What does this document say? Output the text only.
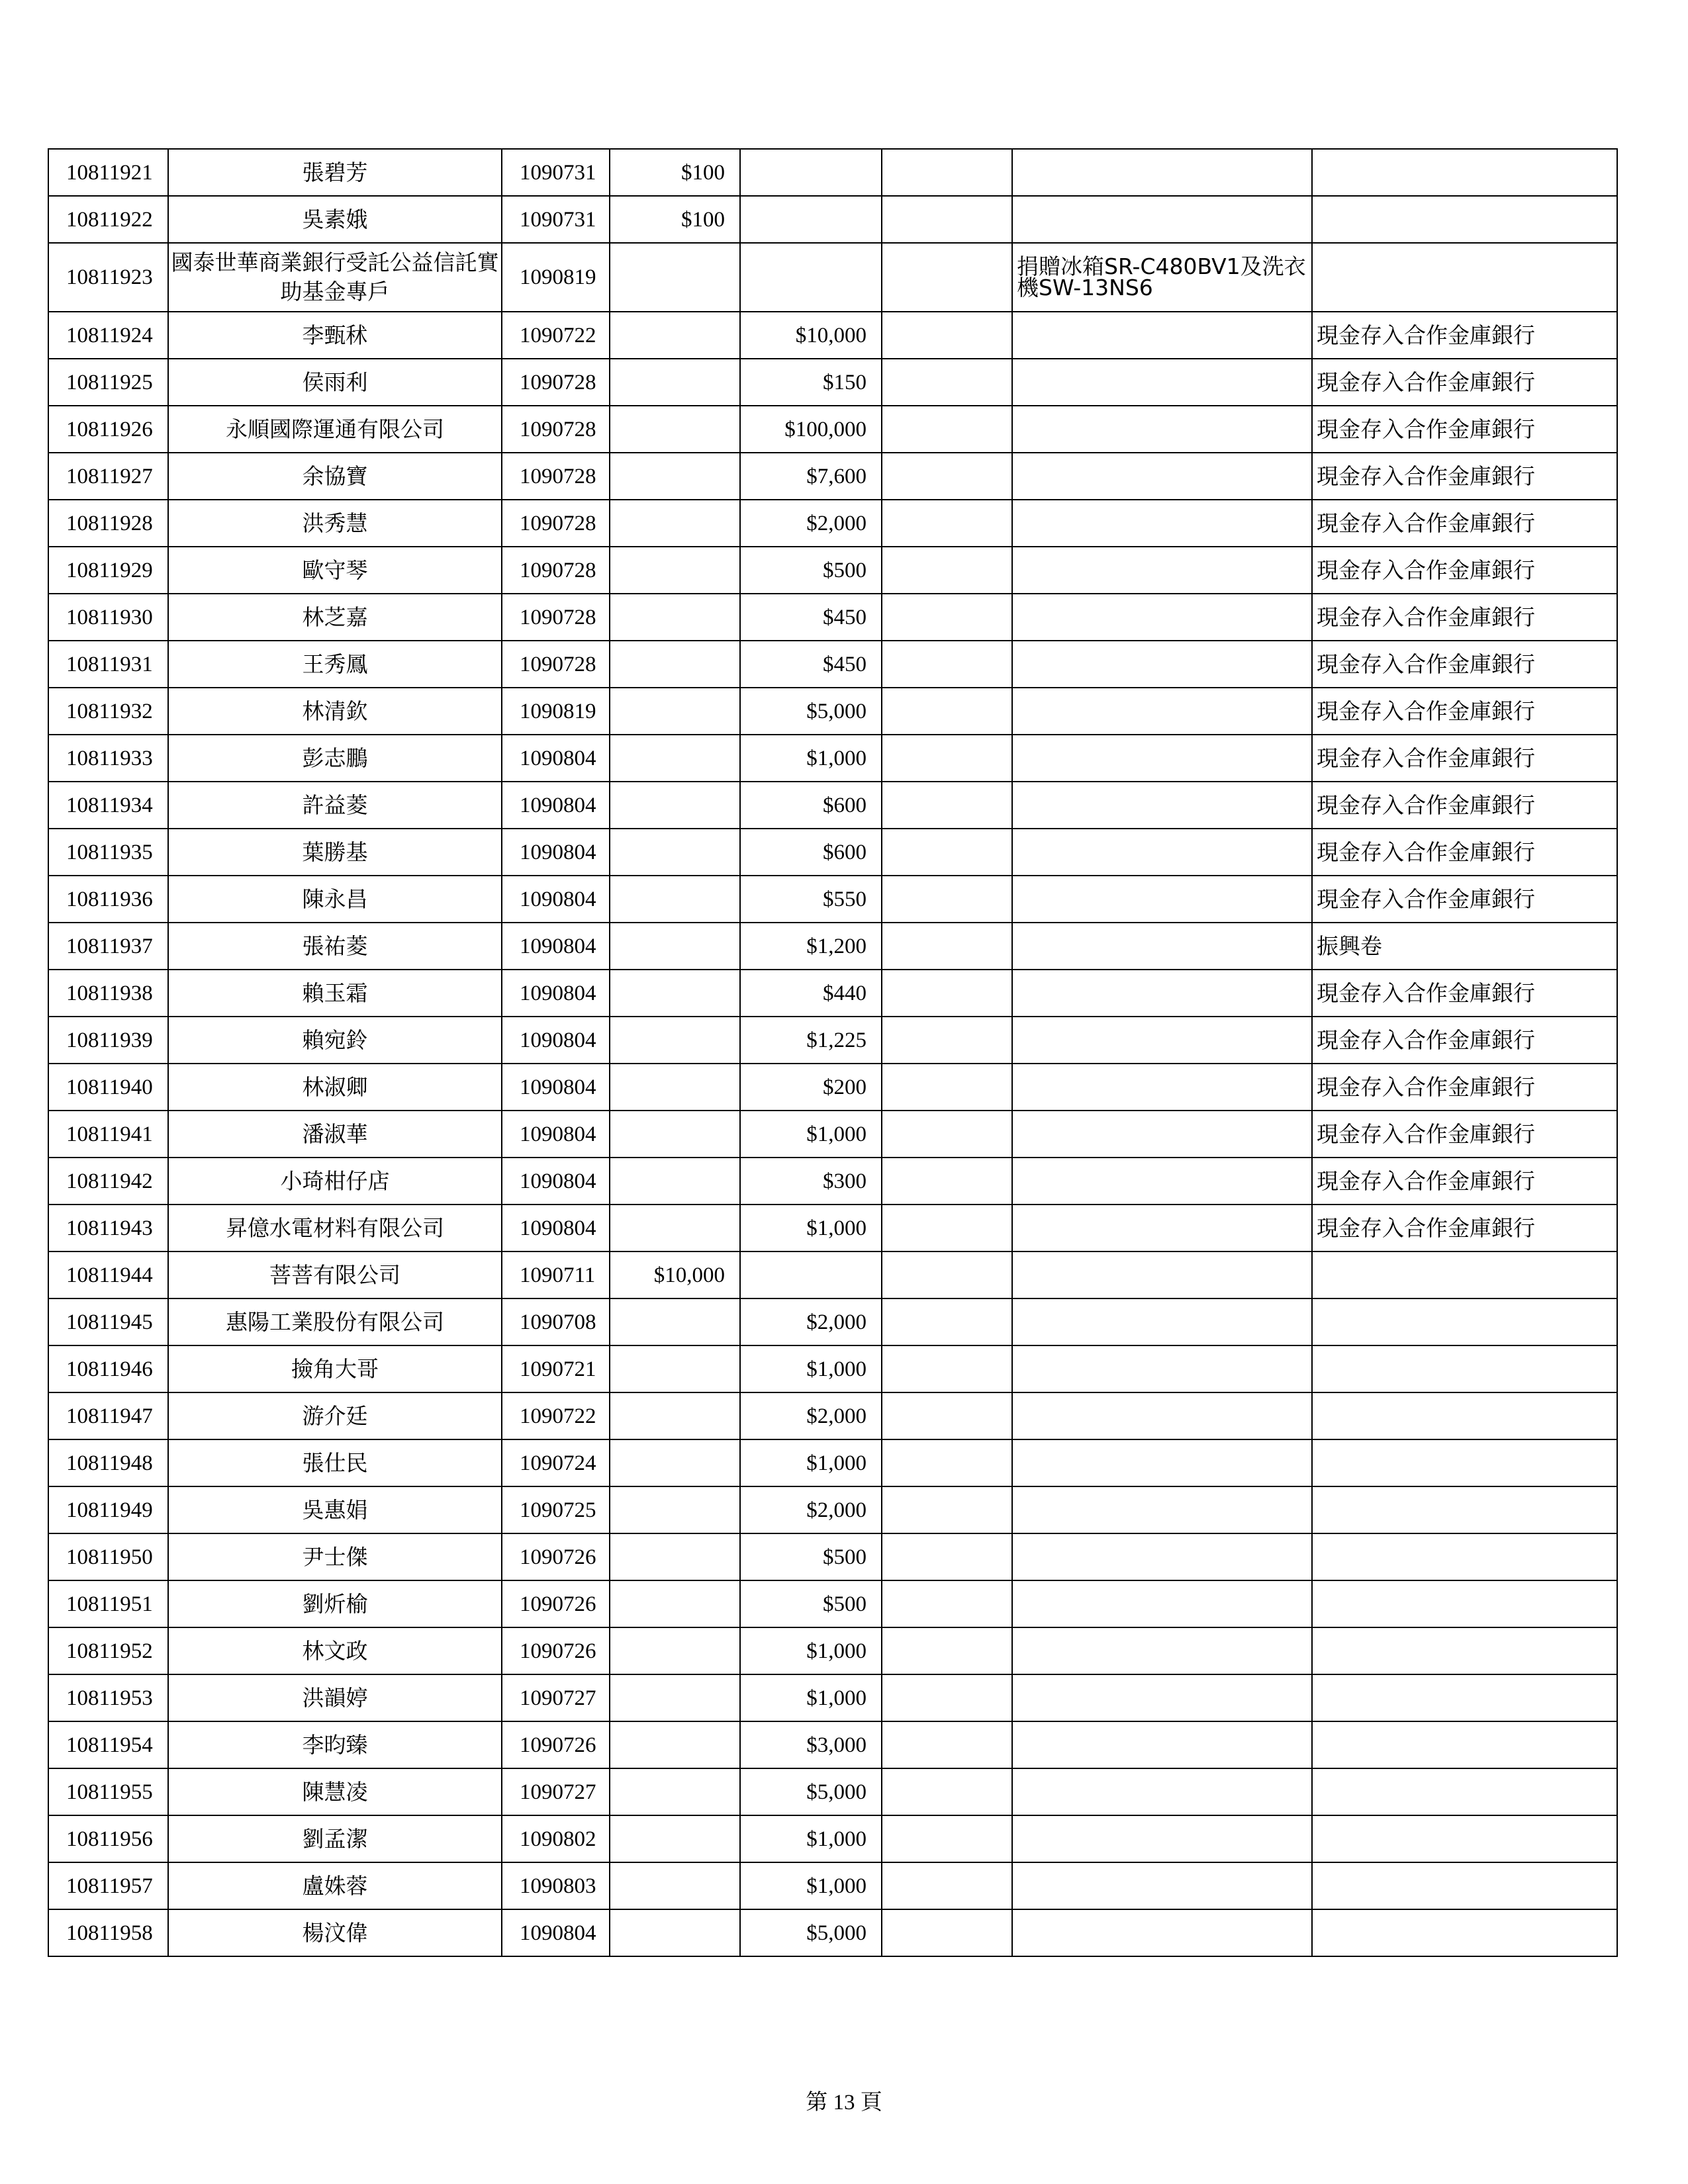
10811921	張碧芳	1090731	$100				
10811922	吳素娥	1090731	$100				
10811923	國泰世華商業銀行受託公益信託實助基金專戶	1090819				捐贈冰箱SR-C480BV1及洗衣機SW-13NS6	

10811924	李甄秫	1090722		$10,000			現金存入合作金庫銀行
10811925	侯雨利	1090728		$150			現金存入合作金庫銀行
10811926	永順國際運通有限公司	1090728		$100,000			現金存入合作金庫銀行
10811927	余協寶	1090728		$7,600			現金存入合作金庫銀行
10811928	洪秀慧	1090728		$2,000			現金存入合作金庫銀行
10811929	歐守琴	1090728		$500			現金存入合作金庫銀行
10811930	林芝嘉	1090728		$450			現金存入合作金庫銀行
10811931	王秀鳳	1090728		$450			現金存入合作金庫銀行
10811932	林清欽	1090819		$5,000			現金存入合作金庫銀行
10811933	彭志鵬	1090804		$1,000			現金存入合作金庫銀行
10811934	許益菱	1090804		$600			現金存入合作金庫銀行
10811935	葉勝基	1090804		$600			現金存入合作金庫銀行
10811936	陳永昌	1090804		$550			現金存入合作金庫銀行
10811937	張祐菱	1090804		$1,200			振興卷
10811938	賴玉霜	1090804		$440			現金存入合作金庫銀行
10811939	賴宛鈴	1090804		$1,225			現金存入合作金庫銀行
10811940	林淑卿	1090804		$200			現金存入合作金庫銀行
10811941	潘淑華	1090804		$1,000			現金存入合作金庫銀行
10811942	小琦柑仔店	1090804		$300			現金存入合作金庫銀行
10811943	昇億水電材料有限公司	1090804		$1,000			現金存入合作金庫銀行
10811944	菩菩有限公司	1090711	$10,000				
10811945	惠陽工業股份有限公司	1090708		$2,000			
10811946	撿角大哥	1090721		$1,000			
10811947	游介廷	1090722		$2,000			
10811948	張仕民	1090724		$1,000			
10811949	吳惠娟	1090725		$2,000			
10811950	尹士傑	1090726		$500			
10811951	劉炘榆	1090726		$500			
10811952	林文政	1090726		$1,000			
10811953	洪韻婷	1090727		$1,000			
10811954	李昀臻	1090726		$3,000			
10811955	陳慧凌	1090727		$5,000			
10811956	劉孟潔	1090802		$1,000			
10811957	盧姝蓉	1090803		$1,000			
10811958	楊汶偉	1090804		$5,000			
第 13 頁
